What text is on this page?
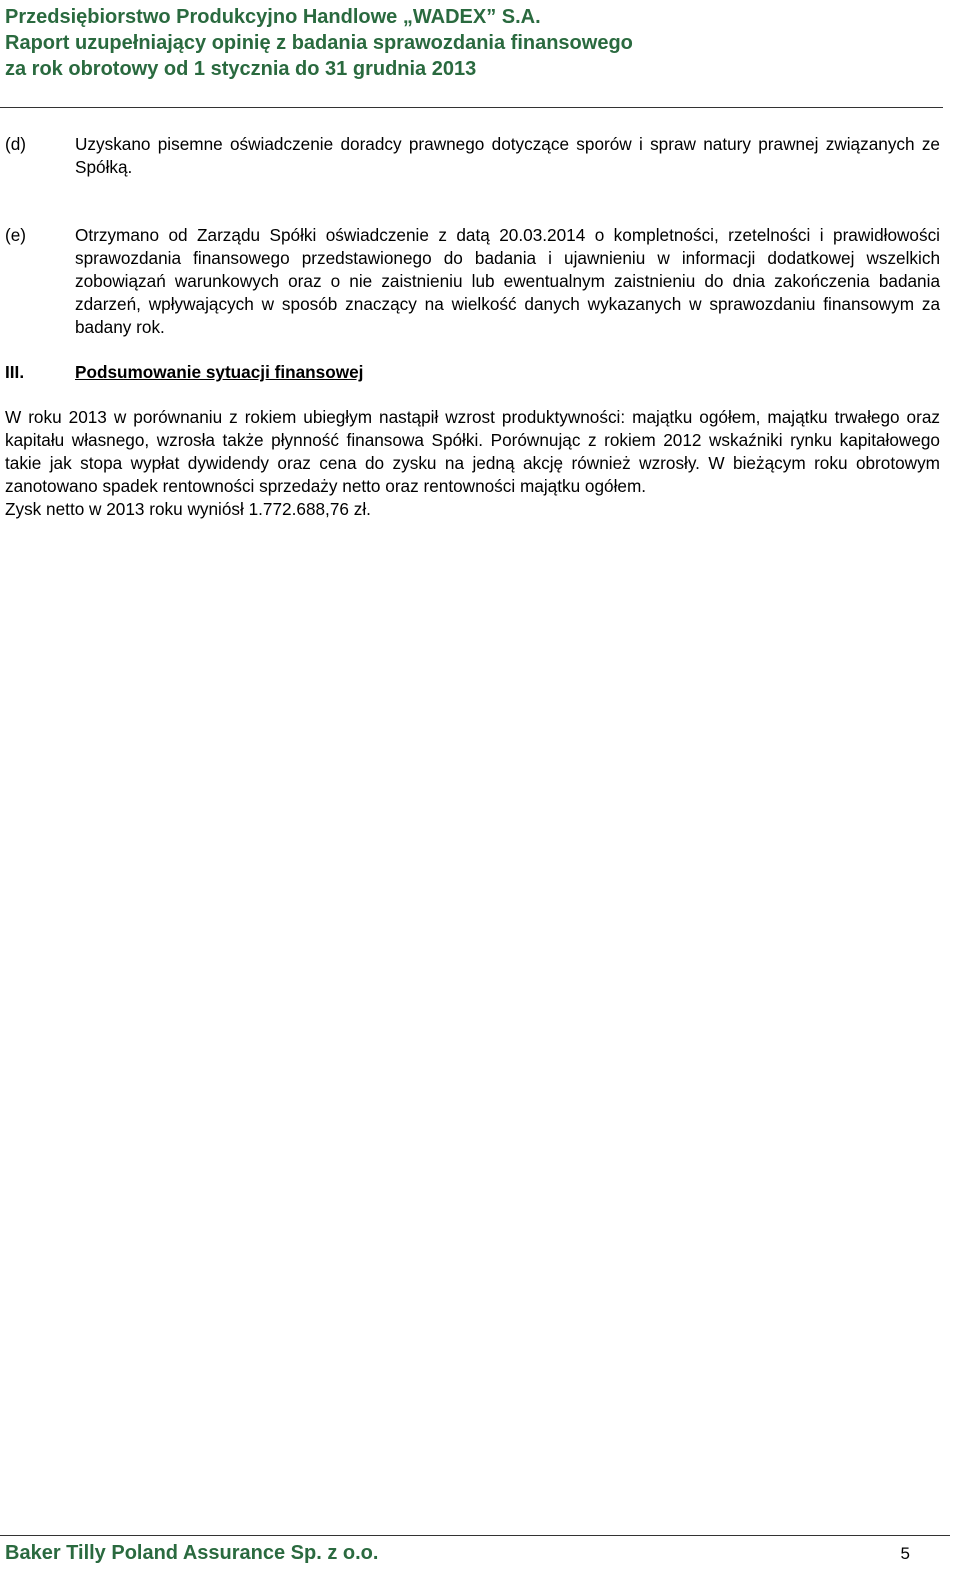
Przedsiębiorstwo Produkcyjno Handlowe „WADEX” S.A.
Raport uzupełniający opinię z badania sprawozdania finansowego
za rok obrotowy od 1 stycznia do 31 grudnia 2013
(d)	Uzyskano pisemne oświadczenie doradcy prawnego dotyczące sporów i spraw natury prawnej związanych ze Spółką.
(e)	Otrzymano od Zarządu Spółki oświadczenie z datą 20.03.2014 o kompletności, rzetelności i prawidłowości sprawozdania finansowego przedstawionego do badania i ujawnieniu w informacji dodatkowej wszelkich zobowiązań warunkowych oraz o nie zaistnieniu lub ewentualnym zaistnieniu do dnia zakończenia badania zdarzeń, wpływających w sposób znaczący na wielkość danych wykazanych w sprawozdaniu finansowym za badany rok.
III.	Podsumowanie sytuacji finansowej

W roku 2013 w porównaniu z rokiem ubiegłym nastąpił wzrost produktywności: majątku ogółem, majątku trwałego oraz kapitału własnego, wzrosła także płynność finansowa Spółki. Porównując z rokiem 2012 wskaźniki rynku kapitałowego takie jak stopa wypłat dywidendy oraz cena do zysku na jedną akcję również wzrosły. W bieżącym roku obrotowym zanotowano spadek rentowności sprzedaży netto oraz rentowności majątku ogółem.

Zysk netto w 2013 roku wyniósł 1.772.688,76 zł.

Baker Tilly Poland Assurance Sp. z o.o.	5
